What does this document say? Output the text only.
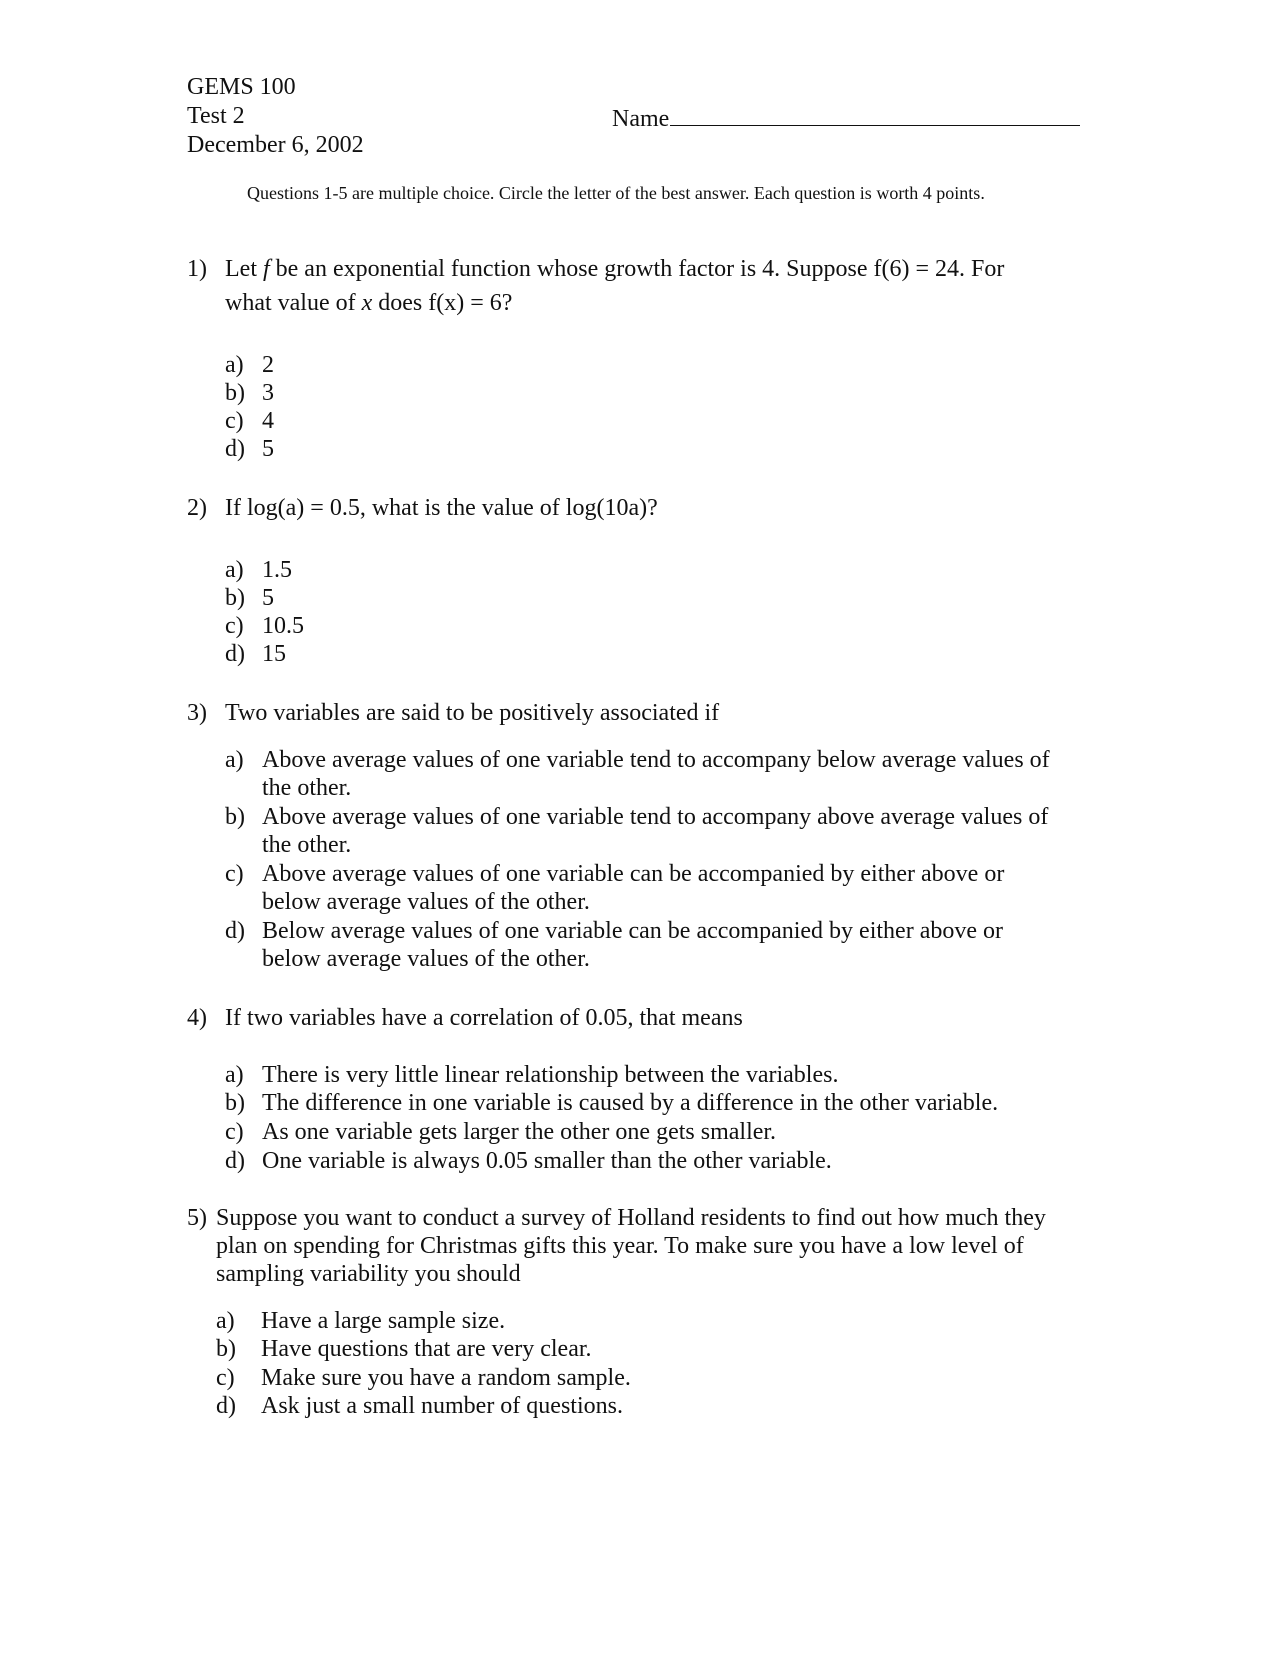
GEMS 100
Test 2
December 6, 2002
Name
Questions 1-5 are multiple choice. Circle the letter of the best answer. Each question is worth 4 points.
1) Let f be an exponential function whose growth factor is 4. Suppose f(6) = 24. For
what value of x does f(x) = 6?
a) 2
b) 3
c) 4
d) 5
2) If log(a) = 0.5, what is the value of log(10a)?
a) 1.5
b) 5
c) 10.5
d) 15
3) Two variables are said to be positively associated if
a) Above average values of one variable tend to accompany below average values of
the other.
b) Above average values of one variable tend to accompany above average values of
the other.
c) Above average values of one variable can be accompanied by either above or
below average values of the other.
d) Below average values of one variable can be accompanied by either above or
below average values of the other.
4) If two variables have a correlation of 0.05, that means
a) There is very little linear relationship between the variables.
b) The difference in one variable is caused by a difference in the other variable.
c) As one variable gets larger the other one gets smaller.
d) One variable is always 0.05 smaller than the other variable.
5) Suppose you want to conduct a survey of Holland residents to find out how much they
plan on spending for Christmas gifts this year. To make sure you have a low level of
sampling variability you should
a) Have a large sample size.
b) Have questions that are very clear.
c) Make sure you have a random sample.
d) Ask just a small number of questions.
